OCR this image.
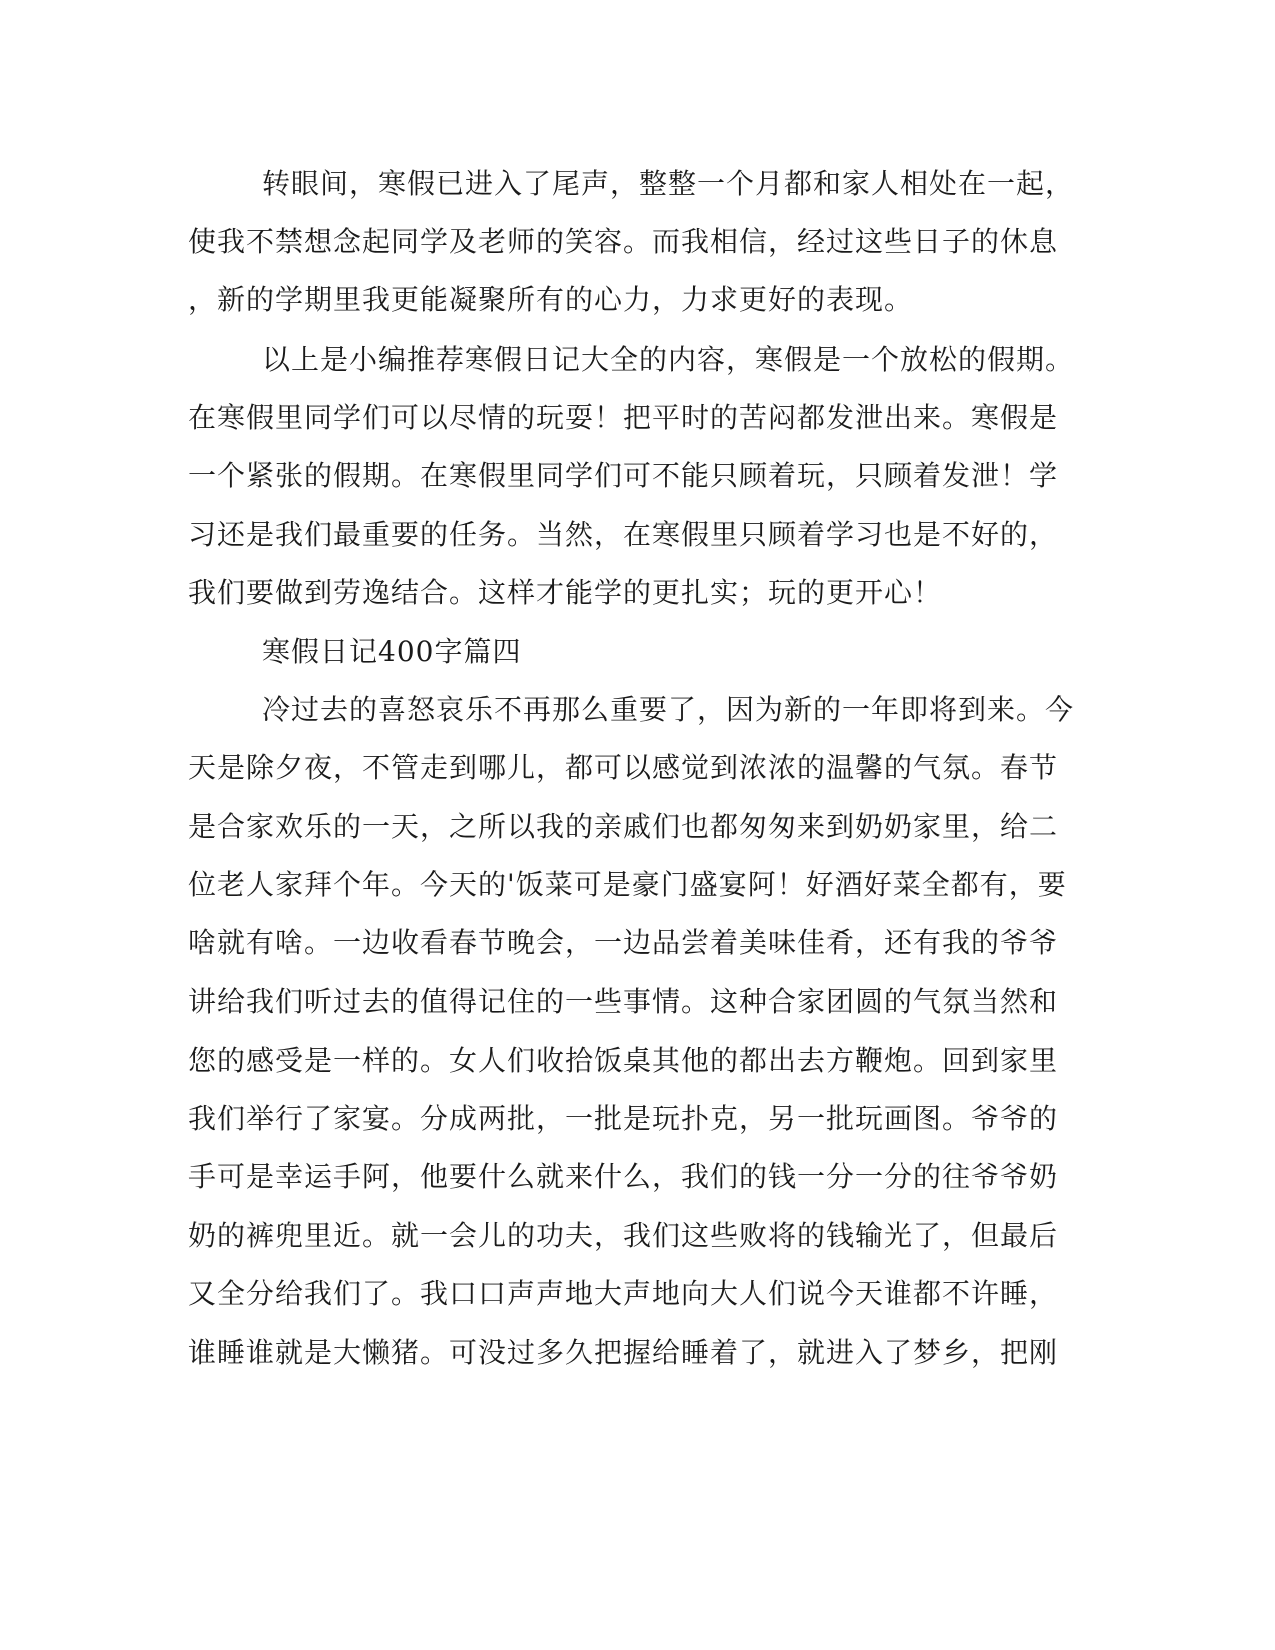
转眼间，寒假已进入了尾声，整整一个月都和家人相处在一起，

使我不禁想念起同学及老师的笑容。而我相信，经过这些日子的休息

，新的学期里我更能凝聚所有的心力，力求更好的表现。

以上是小编推荐寒假日记大全的内容，寒假是一个放松的假期。

在寒假里同学们可以尽情的玩耍！把平时的苦闷都发泄出来。寒假是

一个紧张的假期。在寒假里同学们可不能只顾着玩，只顾着发泄！学

习还是我们最重要的任务。当然，在寒假里只顾着学习也是不好的，

我们要做到劳逸结合。这样才能学的更扎实；玩的更开心！

寒假日记400字篇四

冷过去的喜怒哀乐不再那么重要了，因为新的一年即将到来。今

天是除夕夜，不管走到哪儿，都可以感觉到浓浓的温馨的气氛。春节

是合家欢乐的一天，之所以我的亲戚们也都匆匆来到奶奶家里，给二

位老人家拜个年。今天的'饭菜可是豪门盛宴阿！好酒好菜全都有，要

啥就有啥。一边收看春节晚会，一边品尝着美味佳肴，还有我的爷爷

讲给我们听过去的值得记住的一些事情。这种合家团圆的气氛当然和

您的感受是一样的。女人们收拾饭桌其他的都出去方鞭炮。回到家里

我们举行了家宴。分成两批，一批是玩扑克，另一批玩画图。爷爷的

手可是幸运手阿，他要什么就来什么，我们的钱一分一分的往爷爷奶

奶的裤兜里近。就一会儿的功夫，我们这些败将的钱输光了，但最后

又全分给我们了。我口口声声地大声地向大人们说今天谁都不许睡，

谁睡谁就是大懒猪。可没过多久把握给睡着了，就进入了梦乡，把刚
